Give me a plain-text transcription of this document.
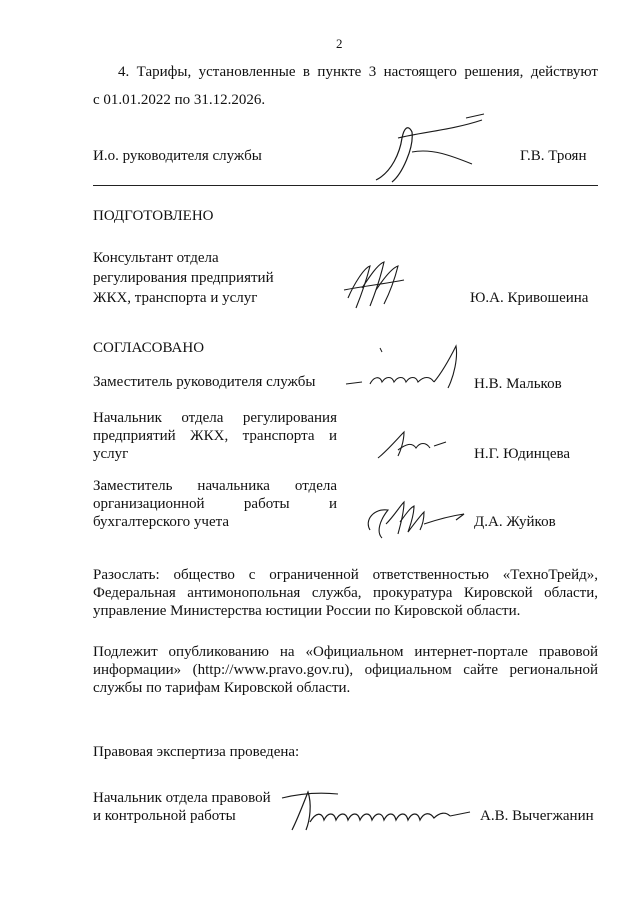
2
4. Тарифы, установленные в пункте 3 настоящего решения, действуют
с 01.01.2022 по 31.12.2026.
И.о. руководителя службы	Г.В. Троян
ПОДГОТОВЛЕНО
Консультант отдела
регулирования предприятий
ЖКХ, транспорта и услуг	Ю.А. Кривошеина
СОГЛАСОВАНО
Заместитель руководителя службы	Н.В. Мальков
Начальник отдела регулирования
предприятий ЖКХ, транспорта и
услуг	Н.Г. Юдинцева
Заместитель начальника отдела
организационной работы и
бухгалтерского учета	Д.А. Жуйков
Разослать: общество с ограниченной ответственностью «ТехноТрейд»,
Федеральная антимонопольная служба, прокуратура Кировской области,
управление Министерства юстиции России по Кировской области.
Подлежит опубликованию на «Официальном интернет-портале правовой
информации» (http://www.pravo.gov.ru), официальном сайте региональной
службы по тарифам Кировской области.
Правовая экспертиза проведена:
Начальник отдела правовой
и контрольной работы	А.В. Вычегжанин
